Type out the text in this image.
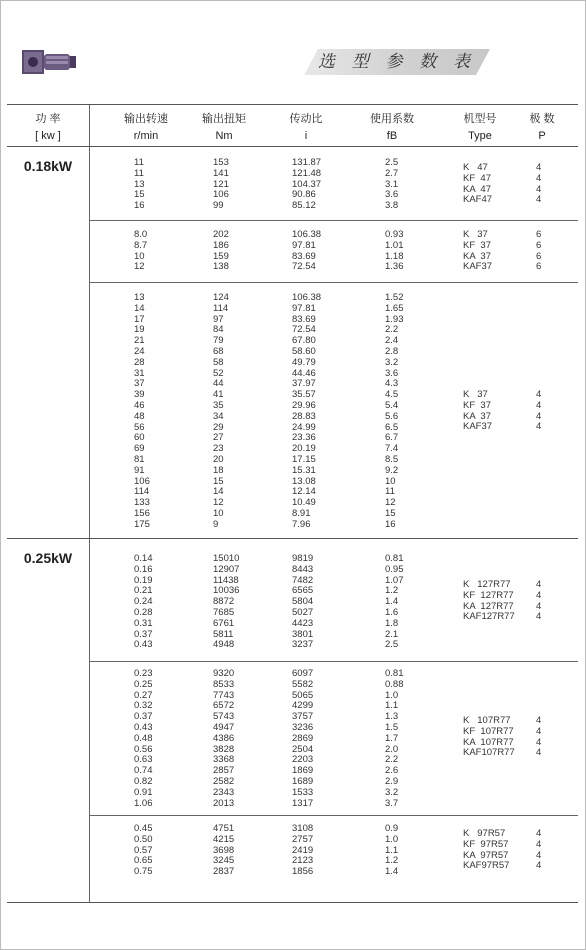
选 型 参 数 表
功 率
[ kw ]
输出转速
r/min
输出扭矩
Nm
传动比
i
使用系数
fB
机型号
Type
极 数
P
0.18kW
0.25kW
11
11
13
15
16
153
141
121
106
99
131.87
121.48
104.37
90.86
85.12
2.5
2.7
3.1
3.6
3.8
K   47
KF  47
KA  47
KAF47
4
4
4
4
8.0
8.7
10
12
202
186
159
138
106.38
97.81
83.69
72.54
0.93
1.01
1.18
1.36
K   37
KF  37
KA  37
KAF37
6
6
6
6
13
14
17
19
21
24
28
31
37
39
46
48
56
60
69
81
91
106
114
133
156
175
124
114
97
84
79
68
58
52
44
41
35
34
29
27
23
20
18
15
14
12
10
9
106.38
97.81
83.69
72.54
67.80
58.60
49.79
44.46
37.97
35.57
29.96
28.83
24.99
23.36
20.19
17.15
15.31
13.08
12.14
10.49
8.91
7.96
1.52
1.65
1.93
2.2
2.4
2.8
3.2
3.6
4.3
4.5
5.4
5.6
6.5
6.7
7.4
8.5
9.2
10
11
12
15
16
K   37
KF  37
KA  37
KAF37
4
4
4
4
0.14
0.16
0.19
0.21
0.24
0.28
0.31
0.37
0.43
15010
12907
11438
10036
8872
7685
6761
5811
4948
9819
8443
7482
6565
5804
5027
4423
3801
3237
0.81
0.95
1.07
1.2
1.4
1.6
1.8
2.1
2.5
K   127R77
KF  127R77
KA  127R77
KAF127R77
4
4
4
4
0.23
0.25
0.27
0.32
0.37
0.43
0.48
0.56
0.63
0.74
0.82
0.91
1.06
9320
8533
7743
6572
5743
4947
4386
3828
3368
2857
2582
2343
2013
6097
5582
5065
4299
3757
3236
2869
2504
2203
1869
1689
1533
1317
0.81
0.88
1.0
1.1
1.3
1.5
1.7
2.0
2.2
2.6
2.9
3.2
3.7
K   107R77
KF  107R77
KA  107R77
KAF107R77
4
4
4
4
0.45
0.50
0.57
0.65
0.75
4751
4215
3698
3245
2837
3108
2757
2419
2123
1856
0.9
1.0
1.1
1.2
1.4
K   97R57
KF  97R57
KA  97R57
KAF97R57
4
4
4
4
